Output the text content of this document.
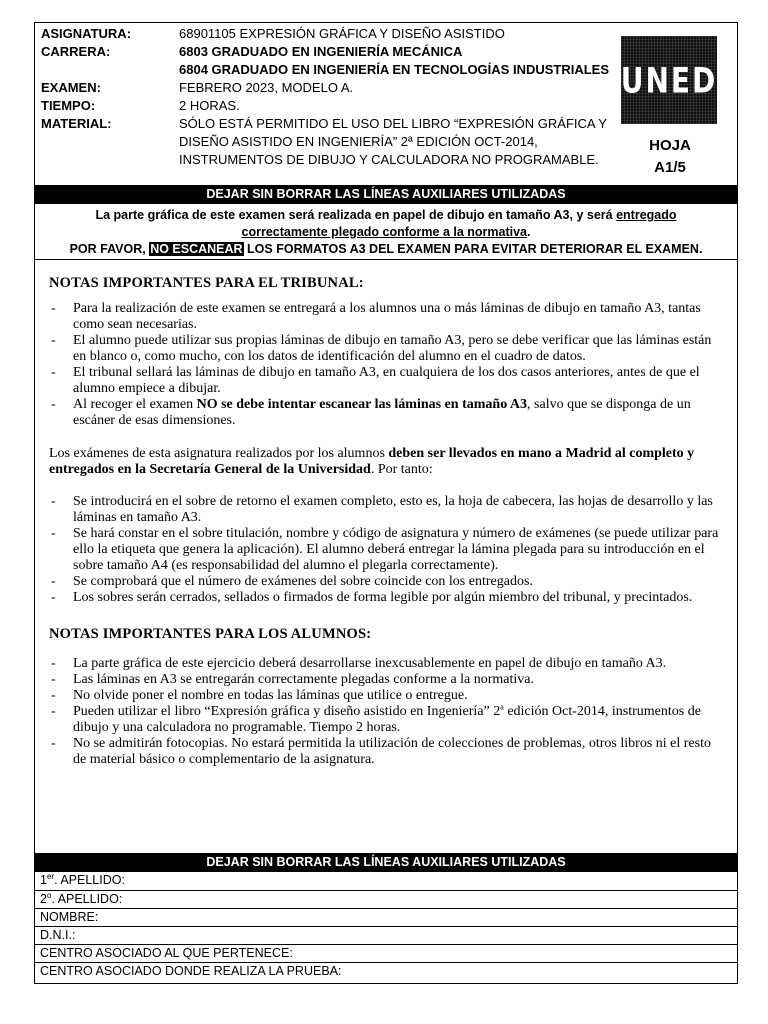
ASIGNATURA:	68901105 EXPRESIÓN GRÁFICA Y DISEÑO ASISTIDO
CARRERA:	6803 GRADUADO EN INGENIERÍA MECÁNICA
6804 GRADUADO EN INGENIERÍA EN TECNOLOGÍAS INDUSTRIALES
EXAMEN:	FEBRERO 2023, MODELO A.
TIEMPO:	2 HORAS.
MATERIAL:	SÓLO ESTÁ PERMITIDO EL USO DEL LIBRO “EXPRESIÓN GRÁFICA Y
DISEÑO ASISTIDO EN INGENIERÍA” 2ª EDICIÓN OCT-2014,
INSTRUMENTOS DE DIBUJO Y CALCULADORA NO PROGRAMABLE.
UNED
HOJA
A1/5
DEJAR SIN BORRAR LAS LÍNEAS AUXILIARES UTILIZADAS
La parte gráfica de este examen será realizada en papel de dibujo en tamaño A3, y será entregado
correctamente plegado conforme a la normativa.
POR FAVOR, NO ESCANEAR LOS FORMATOS A3 DEL EXAMEN PARA EVITAR DETERIORAR EL EXAMEN.
NOTAS IMPORTANTES PARA EL TRIBUNAL:
- Para la realización de este examen se entregará a los alumnos una o más láminas de dibujo en tamaño A3, tantas como sean necesarias.
- El alumno puede utilizar sus propias láminas de dibujo en tamaño A3, pero se debe verificar que las láminas están en blanco o, como mucho, con los datos de identificación del alumno en el cuadro de datos.
- El tribunal sellará las láminas de dibujo en tamaño A3, en cualquiera de los dos casos anteriores, antes de que el alumno empiece a dibujar.
- Al recoger el examen NO se debe intentar escanear las láminas en tamaño A3, salvo que se disponga de un escáner de esas dimensiones.

Los exámenes de esta asignatura realizados por los alumnos deben ser llevados en mano a Madrid al completo y entregados en la Secretaría General de la Universidad. Por tanto:

- Se introducirá en el sobre de retorno el examen completo, esto es, la hoja de cabecera, las hojas de desarrollo y las láminas en tamaño A3.
- Se hará constar en el sobre titulación, nombre y código de asignatura y número de exámenes (se puede utilizar para ello la etiqueta que genera la aplicación). El alumno deberá entregar la lámina plegada para su introducción en el sobre tamaño A4 (es responsabilidad del alumno el plegarla correctamente).
- Se comprobará que el número de exámenes del sobre coincide con los entregados.
- Los sobres serán cerrados, sellados o firmados de forma legible por algún miembro del tribunal, y precintados.
NOTAS IMPORTANTES PARA LOS ALUMNOS:
- La parte gráfica de este ejercicio deberá desarrollarse inexcusablemente en papel de dibujo en tamaño A3.
- Las láminas en A3 se entregarán correctamente plegadas conforme a la normativa.
- No olvide poner el nombre en todas las láminas que utilice o entregue.
- Pueden utilizar el libro “Expresión gráfica y diseño asistido en Ingeniería” 2$^a$ edición Oct-2014, instrumentos de dibujo y una calculadora no programable. Tiempo 2 horas.
- No se admitirán fotocopias. No estará permitida la utilización de colecciones de problemas, otros libros ni el resto de material básico o complementario de la asignatura.
DEJAR SIN BORRAR LAS LÍNEAS AUXILIARES UTILIZADAS
1er. APELLIDO:
2$^o$. APELLIDO:
NOMBRE:
D.N.I.:
CENTRO ASOCIADO AL QUE PERTENECE:
CENTRO ASOCIADO DONDE REALIZA LA PRUEBA:
